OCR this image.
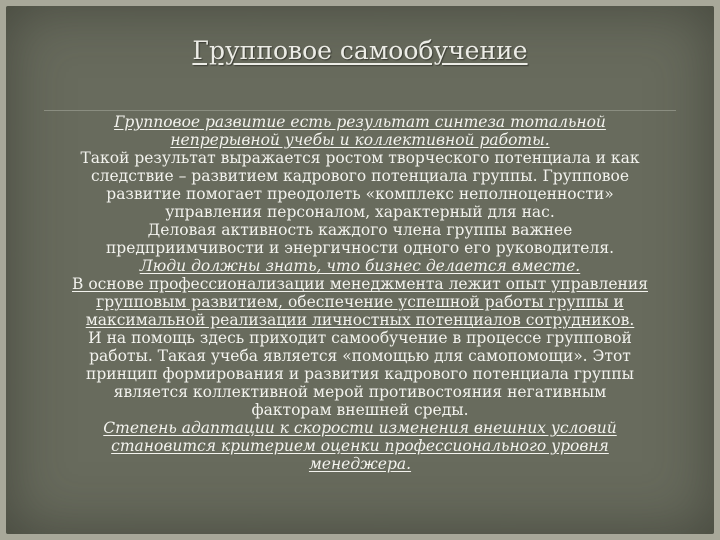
Групповое самообучение
Групповое развитие есть результат синтеза тотальной
непрерывной учебы и коллективной работы.
Такой результат выражается ростом творческого потенциала и как
следствие – развитием кадрового потенциала группы. Групповое
развитие помогает преодолеть «комплекс неполноценности»
управления персоналом, характерный для нас.
Деловая активность каждого члена группы важнее
предприимчивости и энергичности одного его руководителя.
Люди должны знать, что бизнес делается вместе.
В основе профессионализации менеджмента лежит опыт управления
групповым развитием, обеспечение успешной работы группы и
максимальной реализации личностных потенциалов сотрудников.
И на помощь здесь приходит самообучение в процессе групповой
работы. Такая учеба является «помощью для самопомощи». Этот
принцип формирования и развития кадрового потенциала группы
является коллективной мерой противостояния негативным
факторам внешней среды.
Степень адаптации к скорости изменения внешних условий
становится критерием оценки профессионального уровня
менеджера.
